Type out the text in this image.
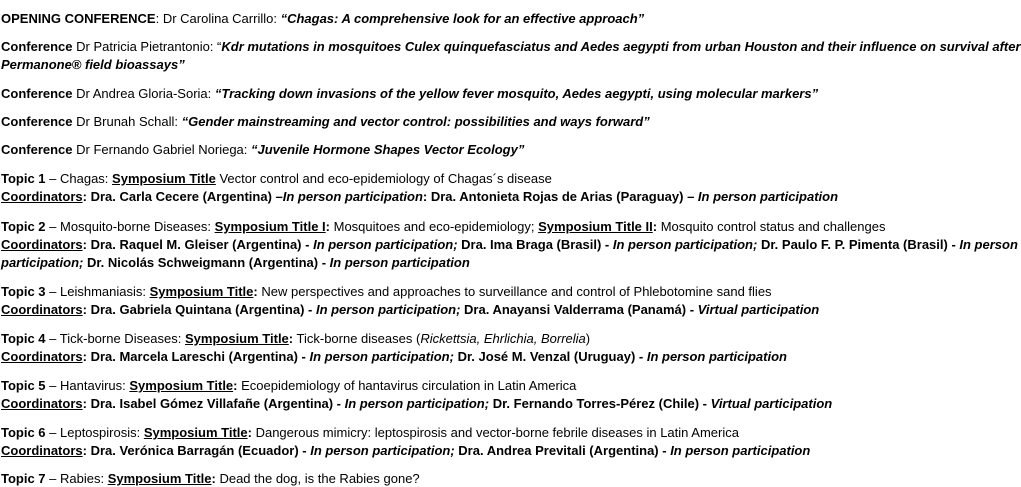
OPENING CONFERENCE: Dr Carolina Carrillo: “Chagas: A comprehensive look for an effective approach”
Conference Dr Patricia Pietrantonio: “Kdr mutations in mosquitoes Culex quinquefasciatus and Aedes aegypti from urban Houston and their influence on survival after
Permanone® field bioassays”
Conference Dr Andrea Gloria-Soria: “Tracking down invasions of the yellow fever mosquito, Aedes aegypti, using molecular markers”
Conference Dr Brunah Schall: “Gender mainstreaming and vector control: possibilities and ways forward”
Conference Dr Fernando Gabriel Noriega: “Juvenile Hormone Shapes Vector Ecology”
Topic 1 – Chagas: Symposium Title Vector control and eco-epidemiology of Chagas´s disease
Coordinators: Dra. Carla Cecere (Argentina) –In person participation: Dra. Antonieta Rojas de Arias (Paraguay) – In person participation
Topic 2 – Mosquito-borne Diseases: Symposium Title I: Mosquitoes and eco-epidemiology; Symposium Title II: Mosquito control status and challenges
Coordinators: Dra. Raquel M. Gleiser (Argentina) - In person participation; Dra. Ima Braga (Brasil) - In person participation; Dr. Paulo F. P. Pimenta (Brasil) - In person
participation; Dr. Nicolás Schweigmann (Argentina) - In person participation
Topic 3 – Leishmaniasis: Symposium Title: New perspectives and approaches to surveillance and control of Phlebotomine sand flies
Coordinators: Dra. Gabriela Quintana (Argentina) - In person participation; Dra. Anayansi Valderrama (Panamá) - Virtual participation
Topic 4 – Tick-borne Diseases: Symposium Title: Tick-borne diseases (Rickettsia, Ehrlichia, Borrelia)
Coordinators: Dra. Marcela Lareschi (Argentina) - In person participation; Dr. José M. Venzal (Uruguay) - In person participation
Topic 5 – Hantavirus: Symposium Title: Ecoepidemiology of hantavirus circulation in Latin America
Coordinators: Dra. Isabel Gómez Villafañe (Argentina) - In person participation; Dr. Fernando Torres-Pérez (Chile) - Virtual participation
Topic 6 – Leptospirosis: Symposium Title: Dangerous mimicry: leptospirosis and vector-borne febrile diseases in Latin America
Coordinators: Dra. Verónica Barragán (Ecuador) - In person participation; Dra. Andrea Previtali (Argentina) - In person participation
Topic 7 – Rabies: Symposium Title: Dead the dog, is the Rabies gone?
